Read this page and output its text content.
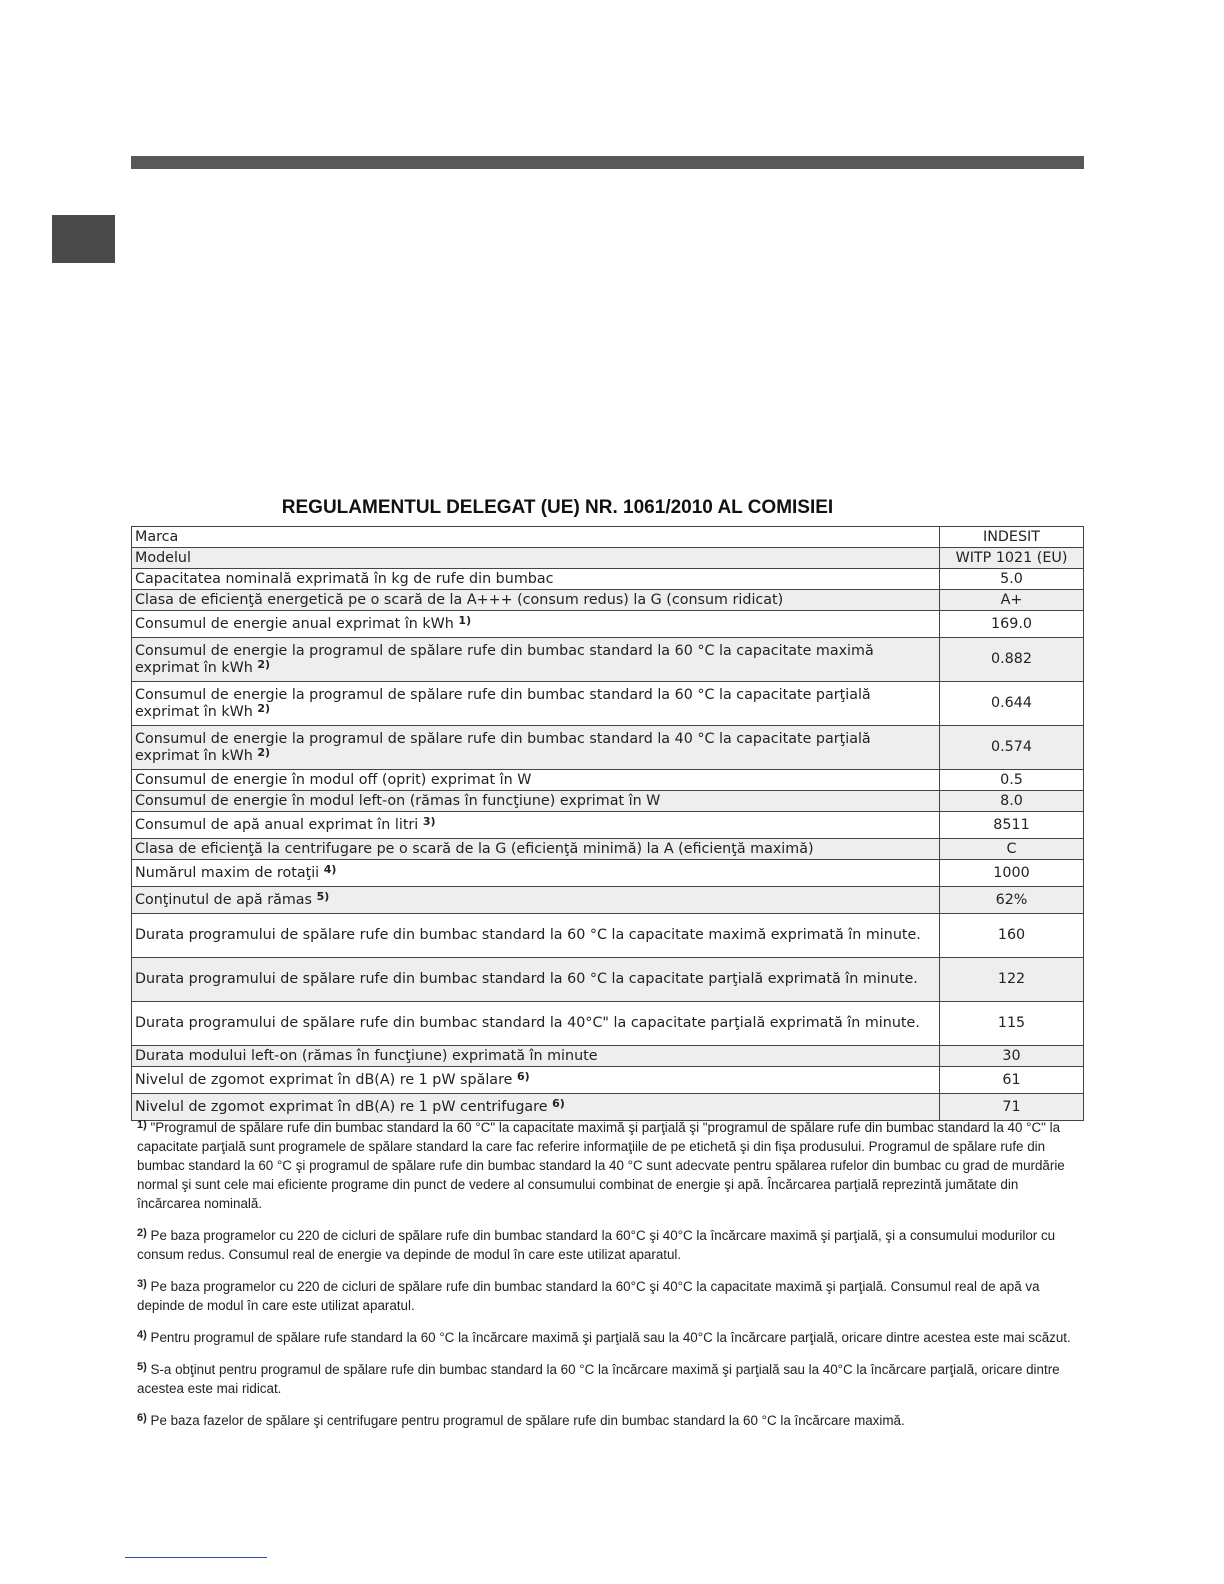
REGULAMENTUL DELEGAT (UE) NR. 1061/2010 AL COMISIEI
Marca	INDESIT
Modelul	WITP 1021 (EU)
Capacitatea nominală exprimată în kg de rufe din bumbac	5.0
Clasa de eficienţă energetică pe o scară de la A+++ (consum redus) la G (consum ridicat)	A+
Consumul de energie anual exprimat în kWh $^{1)}$	169.0
Consumul de energie la programul de spălare rufe din bumbac standard la 60 °C la capacitate maximă exprimat în kWh $^{2)}$	0.882
Consumul de energie la programul de spălare rufe din bumbac standard la 60 °C la capacitate parţială exprimat în kWh $^{2)}$	0.644
Consumul de energie la programul de spălare rufe din bumbac standard la 40 °C la capacitate parţială exprimat în kWh $^{2)}$	0.574
Consumul de energie în modul off (oprit) exprimat în W	0.5
Consumul de energie în modul left-on (rămas în funcţiune) exprimat în W	8.0
Consumul de apă anual exprimat în litri $^{3)}$	8511
Clasa de eficienţă la centrifugare pe o scară de la G (eficienţă minimă) la A (eficienţă maximă)	C
Numărul maxim de rotaţii $^{4)}$	1000
Conţinutul de apă rămas $^{5)}$	62%
Durata programului de spălare rufe din bumbac standard la 60 °C la capacitate maximă exprimată în minute.	160
Durata programului de spălare rufe din bumbac standard la 60 °C la capacitate parţială exprimată în minute.	122
Durata programului de spălare rufe din bumbac standard la 40°C" la capacitate parţială exprimată în minute.	115
Durata modului left-on (rămas în funcţiune) exprimată în minute	30
Nivelul de zgomot exprimat în dB(A) re 1 pW spălare $^{6)}$	61
Nivelul de zgomot exprimat în dB(A) re 1 pW centrifugare $^{6)}$	71
$^{1)}$ "Programul de spălare rufe din bumbac standard la 60 °C" la capacitate maximă şi parţială şi "programul de spălare rufe din bumbac standard la 40 °C" la capacitate parţială sunt programele de spălare standard la care fac referire informaţiile de pe etichetă şi din fişa produsului. Programul de spălare rufe din bumbac standard la 60 °C şi programul de spălare rufe din bumbac standard la 40 °C sunt adecvate pentru spălarea rufelor din bumbac cu grad de murdărie normal şi sunt cele mai eficiente programe din punct de vedere al consumului combinat de energie şi apă. Încărcarea parţială reprezintă jumătate din încărcarea nominală.
$^{2)}$ Pe baza programelor cu 220 de cicluri de spălare rufe din bumbac standard la 60°C şi 40°C la încărcare maximă şi parţială, şi a consumului modurilor cu consum redus. Consumul real de energie va depinde de modul în care este utilizat aparatul.
$^{3)}$ Pe baza programelor cu 220 de cicluri de spălare rufe din bumbac standard la 60°C şi 40°C la capacitate maximă şi parţială. Consumul real de apă va depinde de modul în care este utilizat aparatul.
$^{4)}$ Pentru programul de spălare rufe standard la 60 °C la încărcare maximă şi parţială sau la 40°C la încărcare parţială, oricare dintre acestea este mai scăzut.
$^{5)}$ S-a obţinut pentru programul de spălare rufe din bumbac standard la 60 °C la încărcare maximă şi parţială sau la 40°C la încărcare parţială, oricare dintre acestea este mai ridicat.
$^{6)}$ Pe baza fazelor de spălare şi centrifugare pentru programul de spălare rufe din bumbac standard la 60 °C la încărcare maximă.
